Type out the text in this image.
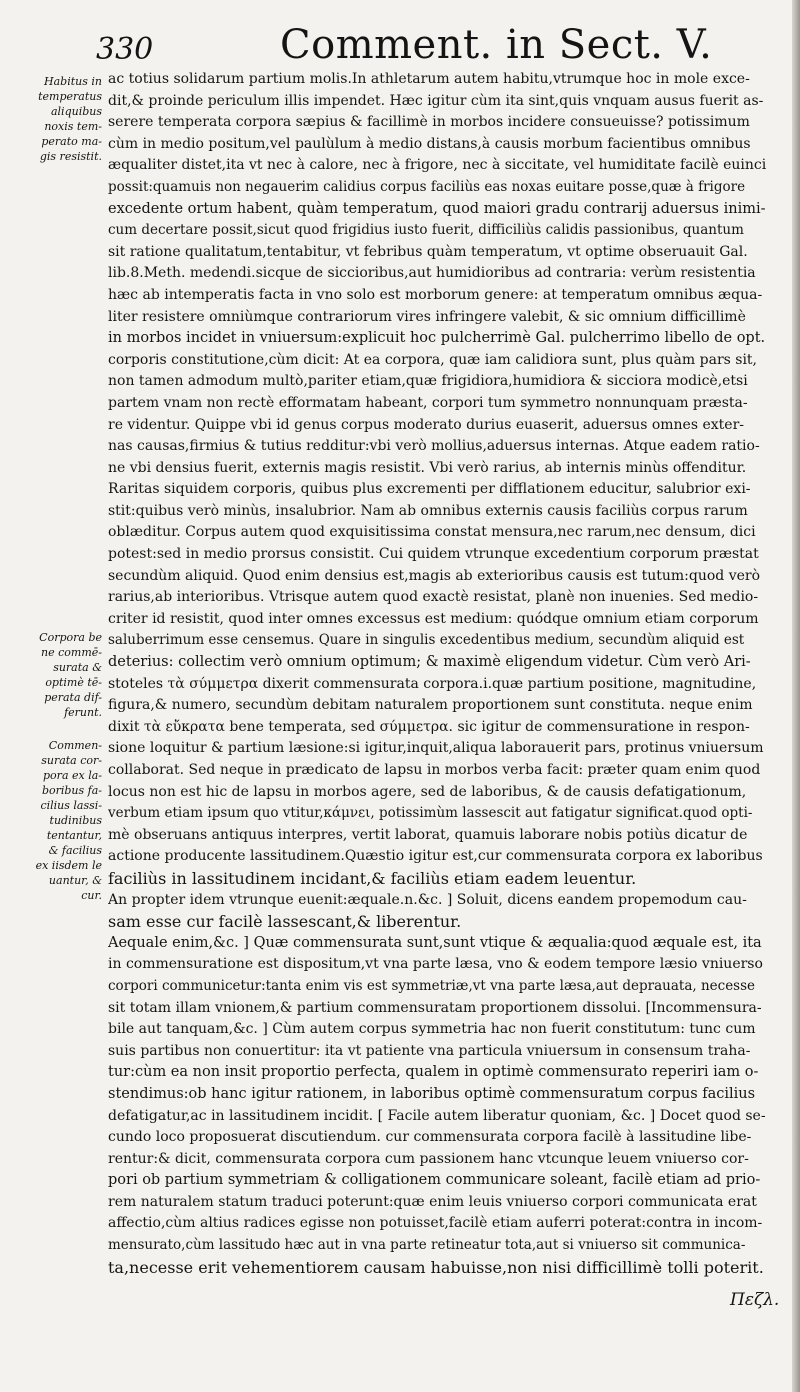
330	Comment. in Sect. V.
Habitus in
temperatus
aliquibus
noxis tem-
perato ma-
gis resistit.
Corpora be
ne commē-
surata &
optimè tē-
perata dif-
ferunt.
Commen-
surata cor-
pora ex la-
boribus fa-
cilius lassi-
tudinibus
tentantur,
& facilius
ex iisdem le
uantur, &
cur.
ac totius solidarum partium molis.In athletarum autem habitu,vtrumque hoc in mole exce-
dit,& proinde periculum illis impendet. Hæc igitur cùm ita sint,quis vnquam ausus fuerit as-
serere temperata corpora sæpius & facillimè in morbos incidere consueuisse? potissimum
cùm in medio positum,vel paulùlum à medio distans,à causis morbum facientibus omnibus
æqualiter distet,ita vt nec à calore, nec à frigore, nec à siccitate, vel humiditate facilè euinci
possit:quamuis non negauerim calidius corpus faciliùs eas noxas euitare posse,quæ à frigore
excedente ortum habent, quàm temperatum, quod maiori gradu contrarij aduersus inimi-
cum decertare possit,sicut quod frigidius iusto fuerit, difficiliùs calidis passionibus, quantum
sit ratione qualitatum,tentabitur, vt febribus quàm temperatum, vt optime obseruauit Gal.
lib.8.Meth. medendi.sicque de siccioribus,aut humidioribus ad contraria: verùm resistentia
hæc ab intemperatis facta in vno solo est morborum genere: at temperatum omnibus æqua-
liter resistere omniùmque contrariorum vires infringere valebit, & sic omnium difficillimè
in morbos incidet in vniuersum:explicuit hoc pulcherrimè Gal. pulcherrimo libello de opt.
corporis constitutione,cùm dicit: At ea corpora, quæ iam calidiora sunt, plus quàm pars sit,
non tamen admodum multò,pariter etiam,quæ frigidiora,humidiora & sicciora modicè,etsi
partem vnam non rectè efformatam habeant, corpori tum symmetro nonnunquam præsta-
re videntur. Quippe vbi id genus corpus moderato durius euaserit, aduersus omnes exter-
nas causas,firmius & tutius redditur:vbi verò mollius,aduersus internas. Atque eadem ratio-
ne vbi densius fuerit, externis magis resistit. Vbi verò rarius, ab internis minùs offenditur.
Raritas siquidem corporis, quibus plus excrementi per difflationem educitur, salubrior exi-
stit:quibus verò minùs, insalubrior. Nam ab omnibus externis causis faciliùs corpus rarum
oblæditur. Corpus autem quod exquisitissima constat mensura,nec rarum,nec densum, dici
potest:sed in medio prorsus consistit. Cui quidem vtrunque excedentium corporum præstat
secundùm aliquid. Quod enim densius est,magis ab exterioribus causis est tutum:quod verò
rarius,ab interioribus. Vtrisque autem quod exactè resistat, planè non inuenies. Sed medio-
criter id resistit, quod inter omnes excessus est medium: quódque omnium etiam corporum
saluberrimum esse censemus. Quare in singulis excedentibus medium, secundùm aliquid est
deterius: collectim verò omnium optimum; & maximè eligendum videtur. Cùm verò Ari-
stoteles τὰ σύμμετρα dixerit commensurata corpora.i.quæ partium positione, magnitudine,
figura,& numero, secundùm debitam naturalem proportionem sunt constituta. neque enim
dixit τὰ εὔκρατα bene temperata, sed σύμμετρα. sic igitur de commensuratione in respon-
sione loquitur & partium læsione:si igitur,inquit,aliqua laborauerit pars, protinus vniuersum
collaborat. Sed neque in prædicato de lapsu in morbos verba facit: præter quam enim quod
locus non est hic de lapsu in morbos agere, sed de laboribus, & de causis defatigationum,
verbum etiam ipsum quo vtitur,κάμνει, potissimùm lassescit aut fatigatur significat.quod opti-
mè obseruans antiquus interpres, vertit laborat, quamuis laborare nobis potiùs dicatur de
actione producente lassitudinem.Quæstio igitur est,cur commensurata corpora ex laboribus
faciliùs in lassitudinem incidant,& faciliùs etiam eadem leuentur.
An propter idem vtrunque euenit:æquale.n.&c. ] Soluit, dicens eandem propemodum cau-
sam esse cur facilè lassescant,& liberentur.
Aequale enim,&c. ] Quæ commensurata sunt,sunt vtique & æqualia:quod æquale est, ita
in commensuratione est dispositum,vt vna parte læsa, vno & eodem tempore læsio vniuerso
corpori communicetur:tanta enim vis est symmetriæ,vt vna parte læsa,aut deprauata, necesse
sit totam illam vnionem,& partium commensuratam proportionem dissolui. [Incommensura-
bile aut tanquam,&c. ] Cùm autem corpus symmetria hac non fuerit constitutum: tunc cum
suis partibus non conuertitur: ita vt patiente vna particula vniuersum in consensum traha-
tur:cùm ea non insit proportio perfecta, qualem in optimè commensurato reperiri iam o-
stendimus:ob hanc igitur rationem, in laboribus optimè commensuratum corpus facilius
defatigatur,ac in lassitudinem incidit. [ Facile autem liberatur quoniam, &c. ] Docet quod se-
cundo loco proposuerat discutiendum. cur commensurata corpora facilè à lassitudine libe-
rentur:& dicit, commensurata corpora cum passionem hanc vtcunque leuem vniuerso cor-
pori ob partium symmetriam & colligationem communicare soleant, facilè etiam ad prio-
rem naturalem statum traduci poterunt:quæ enim leuis vniuerso corpori communicata erat
affectio,cùm altius radices egisse non potuisset,facilè etiam auferri poterat:contra in incom-
mensurato,cùm lassitudo hæc aut in vna parte retineatur tota,aut si vniuerso sit communica-
ta,necesse erit vehementiorem causam habuisse,non nisi difficillimè tolli poterit.
Πεζλ.
